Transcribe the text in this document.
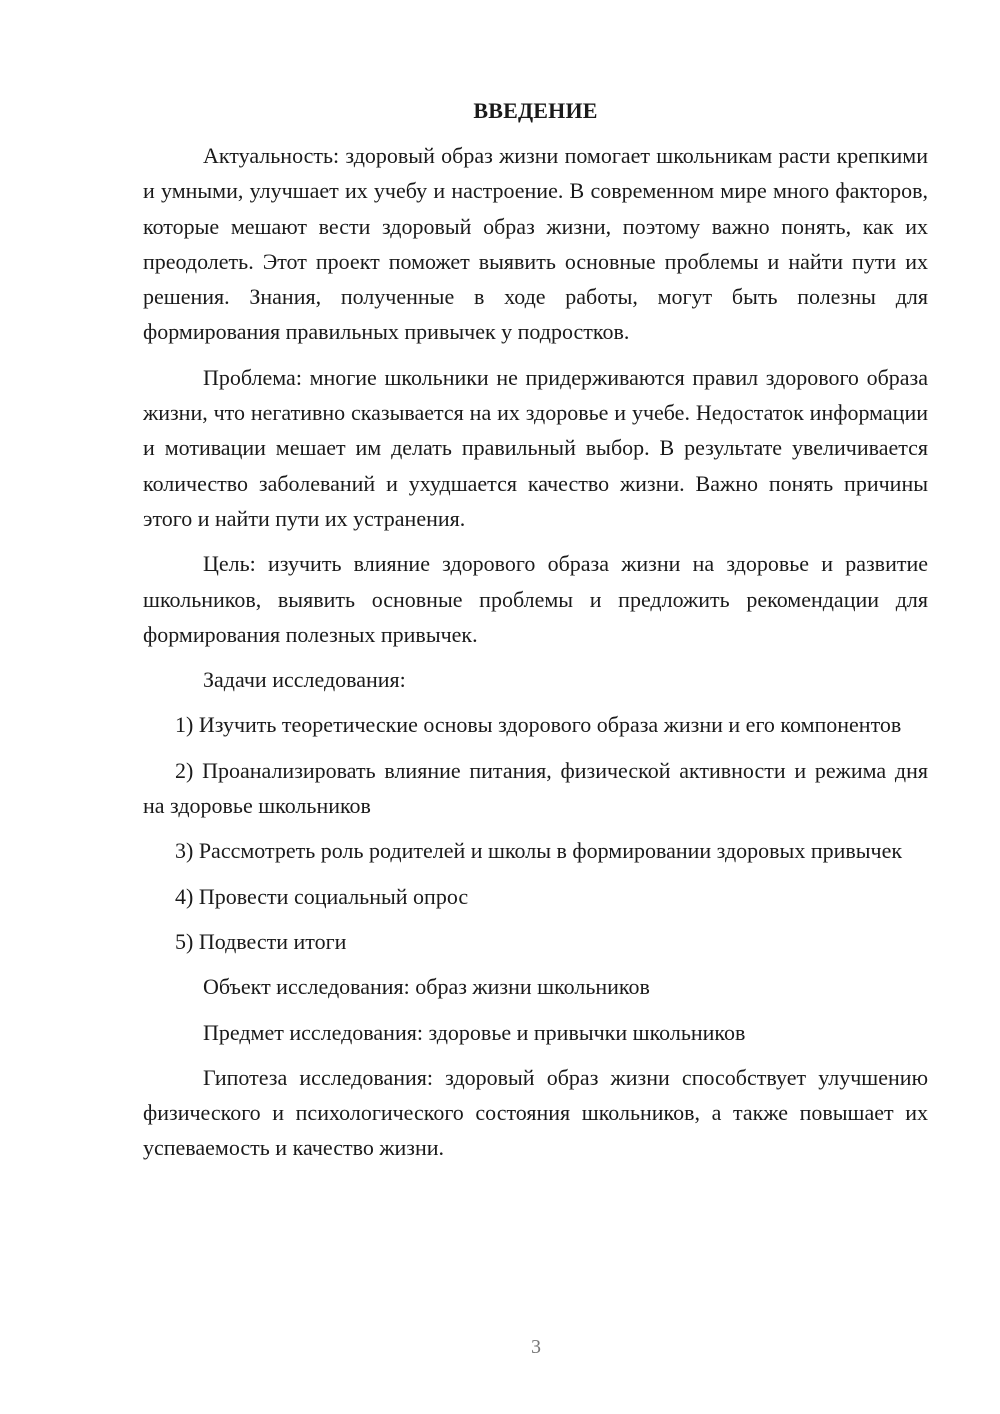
ВВЕДЕНИЕ

Актуальность: здоровый образ жизни помогает школьникам расти крепкими и умными, улучшает их учебу и настроение. В современном мире много факторов, которые мешают вести здоровый образ жизни, поэтому важно понять, как их преодолеть. Этот проект поможет выявить основные проблемы и найти пути их решения. Знания, полученные в ходе работы, могут быть полезны для формирования правильных привычек у подростков.

Проблема: многие школьники не придерживаются правил здорового образа жизни, что негативно сказывается на их здоровье и учебе. Недостаток информации и мотивации мешает им делать правильный выбор. В результате увеличивается количество заболеваний и ухудшается качество жизни. Важно понять причины этого и найти пути их устранения.

Цель: изучить влияние здорового образа жизни на здоровье и развитие школьников, выявить основные проблемы и предложить рекомендации для формирования полезных привычек.

Задачи исследования:

1) Изучить теоретические основы здорового образа жизни и его компонентов
2) Проанализировать влияние питания, физической активности и режима дня на здоровье школьников
3) Рассмотреть роль родителей и школы в формировании здоровых привычек
4) Провести социальный опрос
5) Подвести итоги

Объект исследования: образ жизни школьников

Предмет исследования: здоровье и привычки школьников

Гипотеза исследования: здоровый образ жизни способствует улучшению физического и психологического состояния школьников, а также повышает их успеваемость и качество жизни.

3
